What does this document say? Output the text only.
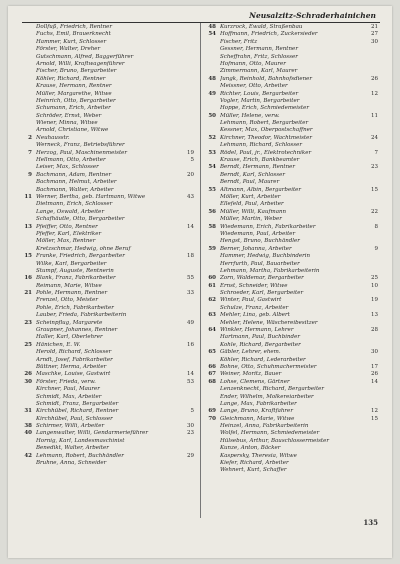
Neusalzitz-Schraderhainichen
Dollfuß, Friedrich, Rentner
Fuchs, Emil, Brauerknecht
Hammer, Kurt, Schlosser
Förster, Walter, Dreher
Gutschmann, Alfred, Baggerführer
Arnold, Willi, Kraftwagenführer
Fischer, Bruno, Bergarbeiter
Köhler, Richard, Rentner
Krause, Hermann, Rentner
Müller, Margarethe, Witwe
Heinrich, Otto, Bergarbeiter
Schumann, Erich, Arbeiter
Schröder, Ernst, Weber
Wiener, Minna, Witwe
Arnold, Christiane, Witwe
2 Neuhausstr.
Werneck, Franz, Betriebsführer
7 Herzog, Paul, Maschinenmeister	19
Hellmann, Otto, Arbeiter	5
Leiser, Max, Schlosser
9 Bachmann, Adam, Rentner	20
Bachmann, Helmut, Arbeiter
Bachmann, Walter, Arbeiter
11 Werner, Bertha, geb. Hartmann, Witwe	43
Dietmann, Erich, Schlosser
Lange, Oswald, Arbeiter
Schafhäutle, Otto, Bergarbeiter
13 Pfeiffer, Otto, Rentner	14
Pfeffer, Karl, Elektriker
Möller, Max, Rentner
Kretzschmar, Hedwig, ohne Beruf
15 Franke, Friedrich, Bergarbeiter	18
Wilke, Karl, Bergarbeiter
Stumpf, Auguste, Rentnerin
16 Blank, Franz, Fabrikarbeiter	55
Reimann, Marie, Witwe
21 Pohle, Hermann, Rentner	33
Frenzel, Otto, Meister
Pohle, Erich, Fabrikarbeiter
Lauber, Frieda, Fabrikarbeiterin
23 Scheinpflug, Margarete	49
Graupner, Johannes, Rentner
Haller, Karl, Oberlehrer
25 Hänichen, E. W.	16
Herold, Richard, Schlosser
Arndt, Josef, Fabrikarbeiter
Büttner, Herma, Arbeiter
26 Maschke, Louise, Gastwirt	14
30 Förster, Frieda, verw.	53
Kirchner, Paul, Maurer
Schmidt, Max, Arbeiter
Schmidt, Franz, Bergarbeiter
31 Kirchhübel, Richard, Rentner	5
Kirchhübel, Paul, Schlosser
38 Schirmer, Willi, Arbeiter	30
40 Langenwalter, Willi, Gendarmerieführer	23
Hornig, Karl, Landesmaschinist
Benedikt, Walter, Arbeiter
42 Lehmann, Robert, Buchhändler	29
Bruhne, Anna, Schneider
48 Kurzrock, Ewald, Straßenbau	21
54 Hoffmann, Friedrich, Zuckersieder	27
Fischer, Fritz	30
Gessner, Hermann, Rentner
Scheffrahn, Fritz, Schlosser
Hofmann, Otto, Maurer
Zimmermann, Karl, Maurer
48 Jungk, Reinhold, Bahnhofsdiener	26
Meissner, Otto, Arbeiter
49 Richter, Louis, Bergarbeiter	12
Vogler, Martin, Bergarbeiter
Hoppe, Erich, Schmiedemeister
50 Müller, Helene, verw.	11
Lehmann, Robert, Bergarbeiter
Kessner, Max, Oberpostschaffner
52 Kirchner, Theodor, Wachtmeister	24
Lehmann, Richard, Schlosser
53 Rödel, Paul, jr., Elektrotechniker	7
Krause, Erich, Bankbeamter
54 Berndt, Hermann, Rentner	23
Berndt, Karl, Schlosser
Berndt, Paul, Maurer
55 Altmann, Albin, Bergarbeiter	15
Möller, Kurt, Arbeiter
Ellefeld, Paul, Arbeiter
56 Müller, Willi, Kaufmann	22
Müller, Martin, Weber
58 Wiedemann, Erich, Fabrikarbeiter	8
Wiedemann, Paul, Arbeiter
Hengst, Bruno, Buchhändler
59 Berner, Johanna, Arbeiter	9
Hammer, Hedwig, Buchbinderin
Herrfurth, Paul, Bauarbeiter
Lehmann, Martha, Fabrikarbeiterin
60 Zorn, Waldemar, Bergarbeiter	25
61 Ernst, Schneider, Witwe	10
Schroeder, Karl, Bergarbeiter
62 Winter, Paul, Gastwirt	19
Schulze, Franz, Arbeiter
63 Mehler, Lina, geb. Albert	13
Mehler, Helene, Wäschereibesitzer
64 Winkler, Hermann, Lehrer	28
Hartmann, Paul, Buchbinder
Kohle, Richard, Bergarbeiter
65 Gäbler, Lehrer, ehem.	30
Köhler, Richard, Lederarbeiter
66 Bohne, Otto, Schuhmachermeister	17
67 Weiner, Moritz, Bauer	26
68 Lohse, Clemens, Gärtner	14
Lenzenknecht, Richard, Bergarbeiter
Ender, Wilhelm, Molkereiarbeiter
Lange, Max, Fabrikarbeiter
69 Lange, Bruno, Kraftfahrer	12
70 Gleichmann, Marie, Witwe	15
Heinzel, Anna, Fabrikarbeiterin
Wolfel, Hermann, Schmiedemeister
Hülsebus, Arthur, Bauschlossermeister
Kunze, Anton, Bäcker
Kaspersky, Theresia, Witwe
Kiefer, Richard, Arbeiter
Wehnert, Kurt, Schaffer
135
